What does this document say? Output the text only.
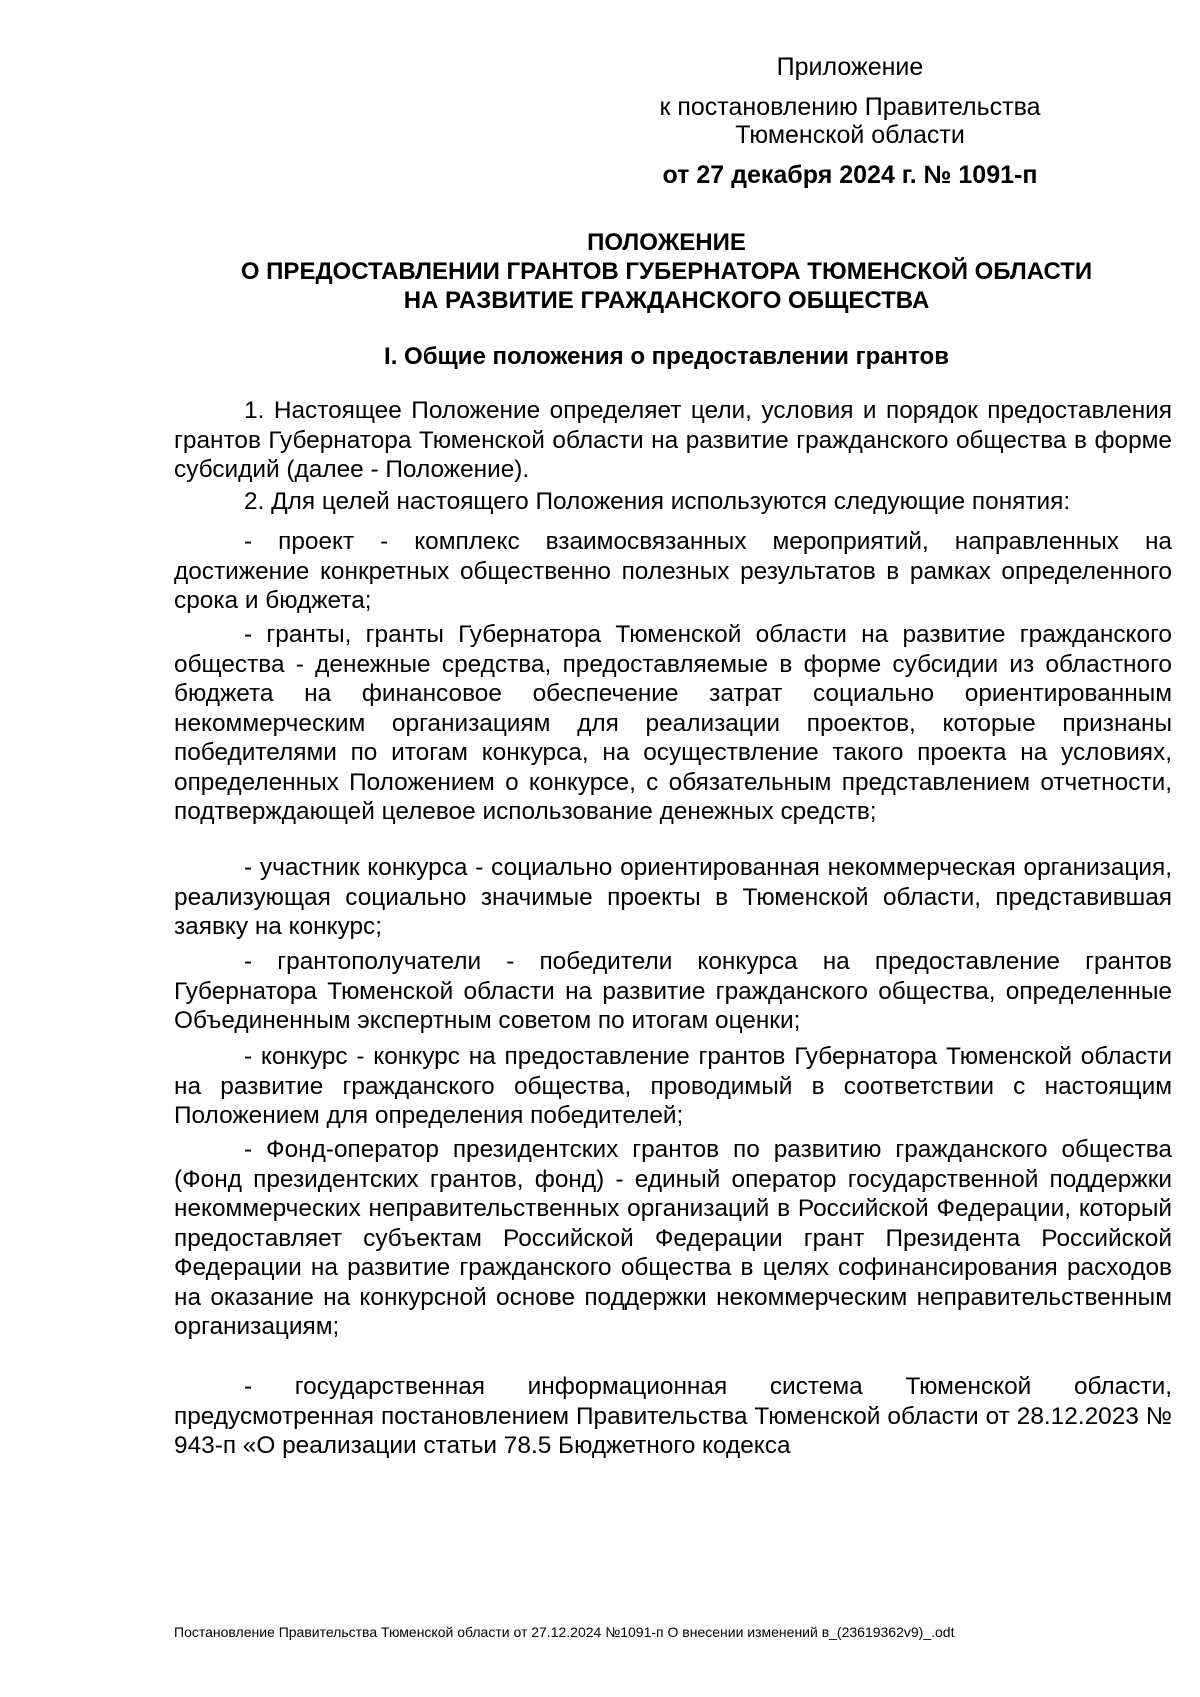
Приложение
к постановлению Правительства
Тюменской области
от 27 декабря 2024 г. № 1091-п
ПОЛОЖЕНИЕ
О ПРЕДОСТАВЛЕНИИ ГРАНТОВ ГУБЕРНАТОРА ТЮМЕНСКОЙ ОБЛАСТИ
НА РАЗВИТИЕ ГРАЖДАНСКОГО ОБЩЕСТВА
I. Общие положения о предоставлении грантов
1. Настоящее Положение определяет цели, условия и порядок предоставления грантов Губернатора Тюменской области на развитие гражданского общества в форме субсидий (далее - Положение).
2. Для целей настоящего Положения используются следующие понятия:
- проект - комплекс взаимосвязанных мероприятий, направленных на достижение конкретных общественно полезных результатов в рамках определенного срока и бюджета;
- гранты, гранты Губернатора Тюменской области на развитие гражданского общества - денежные средства, предоставляемые в форме субсидии из областного бюджета на финансовое обеспечение затрат социально ориентированным некоммерческим организациям для реализации проектов, которые признаны победителями по итогам конкурса, на осуществление такого проекта на условиях, определенных Положением о конкурсе, с обязательным представлением отчетности, подтверждающей целевое использование денежных средств;
- участник конкурса - социально ориентированная некоммерческая организация, реализующая социально значимые проекты в Тюменской области, представившая заявку на конкурс;
- грантополучатели - победители конкурса на предоставление грантов Губернатора Тюменской области на развитие гражданского общества, определенные Объединенным экспертным советом по итогам оценки;
- конкурс - конкурс на предоставление грантов Губернатора Тюменской области на развитие гражданского общества, проводимый в соответствии с настоящим Положением для определения победителей;
- Фонд-оператор президентских грантов по развитию гражданского общества (Фонд президентских грантов, фонд) - единый оператор государственной поддержки некоммерческих неправительственных организаций в Российской Федерации, который предоставляет субъектам Российской Федерации грант Президента Российской Федерации на развитие гражданского общества в целях софинансирования расходов на оказание на конкурсной основе поддержки некоммерческим неправительственным организациям;
- государственная информационная система Тюменской области, предусмотренная постановлением Правительства Тюменской области от 28.12.2023 № 943-п «О реализации статьи 78.5 Бюджетного кодекса
Постановление Правительства Тюменской области от 27.12.2024 №1091-п О внесении изменений в_(23619362v9)_.odt
